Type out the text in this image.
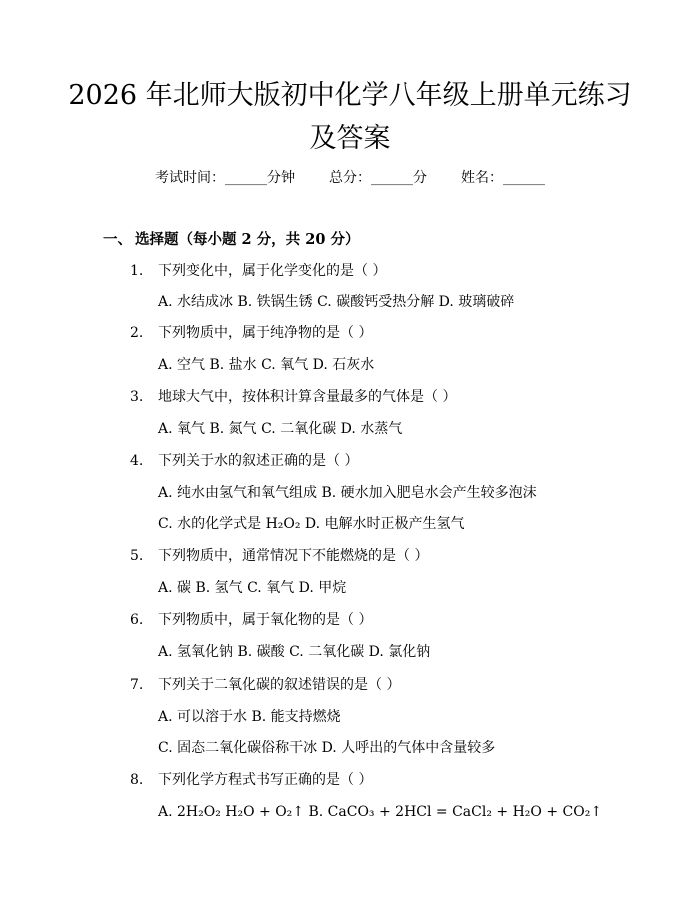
2026 年北师大版初中化学八年级上册单元练习及答案
考试时间：______分钟 总分：______分 姓名：______
一、 选择题（每小题 2 分，共 20 分）
1. 下列变化中，属于化学变化的是（ ）
A. 水结成冰 B. 铁锅生锈 C. 碳酸钙受热分解 D. 玻璃破碎
2. 下列物质中，属于纯净物的是（ ）
A. 空气 B. 盐水 C. 氧气 D. 石灰水
3. 地球大气中，按体积计算含量最多的气体是（ ）
A. 氧气 B. 氮气 C. 二氧化碳 D. 水蒸气
4. 下列关于水的叙述正确的是（ ）
A. 纯水由氢气和氧气组成 B. 硬水加入肥皂水会产生较多泡沫
C. 水的化学式是 H₂O₂ D. 电解水时正极产生氢气
5. 下列物质中，通常情况下不能燃烧的是（ ）
A. 碳 B. 氢气 C. 氧气 D. 甲烷
6. 下列物质中，属于氧化物的是（ ）
A. 氢氧化钠 B. 碳酸 C. 二氧化碳 D. 氯化钠
7. 下列关于二氧化碳的叙述错误的是（ ）
A. 可以溶于水 B. 能支持燃烧
C. 固态二氧化碳俗称干冰 D. 人呼出的气体中含量较多
8. 下列化学方程式书写正确的是（ ）
A. 2H₂O₂ H₂O + O₂↑ B. CaCO₃ + 2HCl = CaCl₂ + H₂O + CO₂↑
